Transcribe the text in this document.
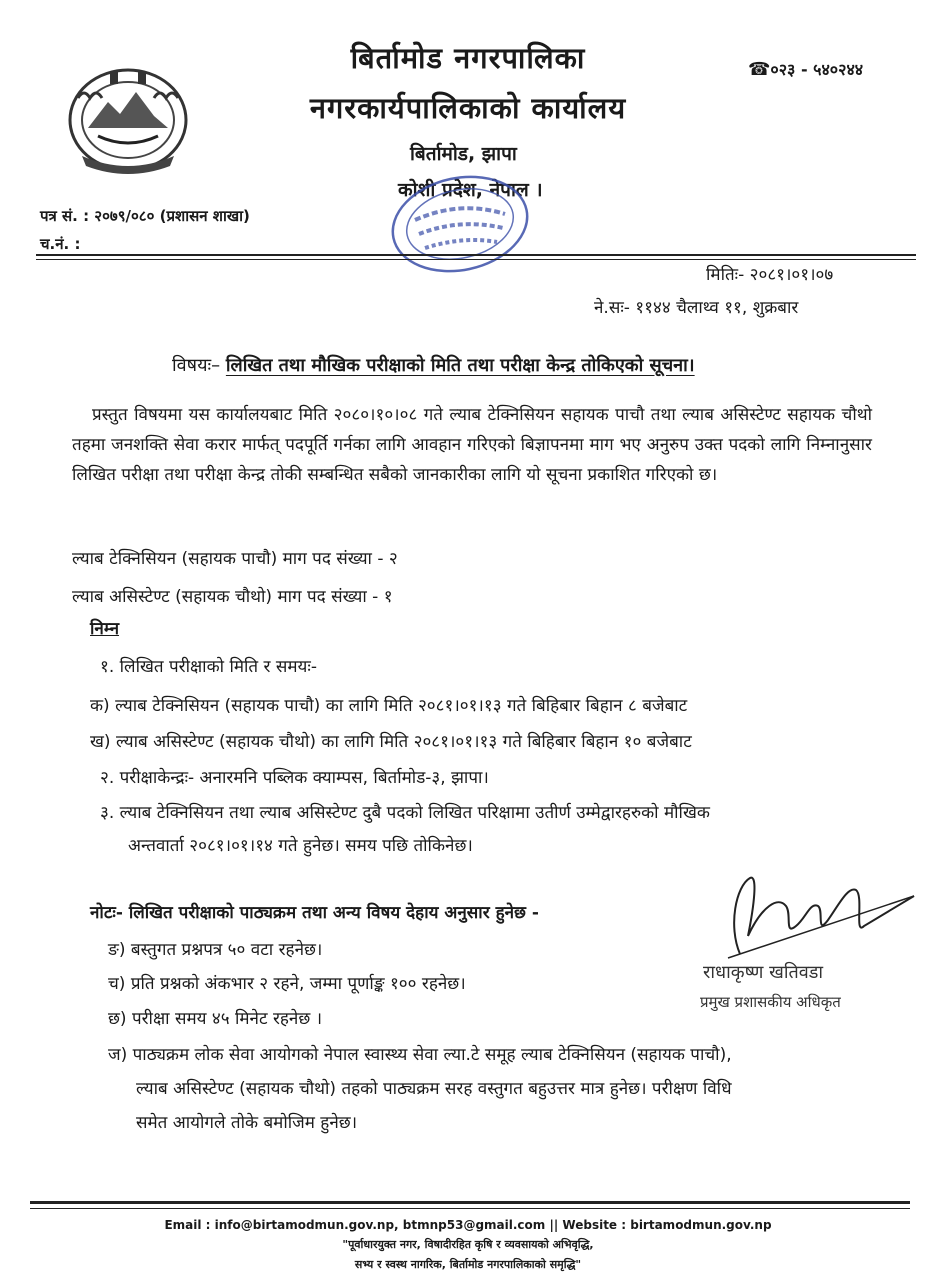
बिर्तामोड नगरपालिका
नगरकार्यपालिकाको कार्यालय
बिर्तामोड, झापा
कोशी प्रदेश, नेपाल ।
☎०२३ - ५४०२४४
पत्र सं. : २०७९/०८० (प्रशासन शाखा)
च.नं. :
मितिः- २०८१।०१।०७
ने.सः- ११४४ चैलाथ्व ११, शुक्रबार
विषयः– लिखित तथा मौखिक परीक्षाको मिति तथा परीक्षा केन्द्र तोकिएको सूचना।
प्रस्तुत विषयमा यस कार्यालयबाट मिति २०८०।१०।०८ गते ल्याब टेक्निसियन सहायक पाचौ तथा ल्याब असिस्टेण्ट सहायक चौथो तहमा जनशक्ति सेवा करार मार्फत् पदपूर्ति गर्नका लागि आवहान गरिएको बिज्ञापनमा माग भए अनुरुप उक्त पदको लागि निम्नानुसार लिखित परीक्षा तथा परीक्षा केन्द्र तोकी सम्बन्धित सबैको जानकारीका लागि यो सूचना प्रकाशित गरिएको छ।
ल्याब टेक्निसियन (सहायक पाचौ) माग पद संख्या - २
ल्याब असिस्टेण्ट (सहायक चौथो) माग पद संख्या - १
निम्न
१. लिखित परीक्षाको मिति र समयः-
क) ल्याब टेक्निसियन (सहायक पाचौ) का लागि मिति २०८१।०१।१३ गते बिहिबार बिहान ८ बजेबाट
ख) ल्याब असिस्टेण्ट (सहायक चौथो) का लागि मिति २०८१।०१।१३ गते बिहिबार बिहान १० बजेबाट
२. परीक्षाकेन्द्रः- अनारमनि पब्लिक क्याम्पस, बिर्तामोड-३, झापा।
३. ल्याब टेक्निसियन तथा ल्याब असिस्टेण्ट दुबै पदको लिखित परिक्षामा उतीर्ण उम्मेद्वारहरुको मौखिक
अन्तवार्ता २०८१।०१।१४ गते हुनेछ। समय पछि तोकिनेछ।
नोटः- लिखित परीक्षाको पाठ्यक्रम तथा अन्य विषय देहाय अनुसार हुनेछ -
ङ) बस्तुगत प्रश्नपत्र ५० वटा रहनेछ।
च) प्रति प्रश्नको अंकभार २ रहने, जम्मा पूर्णाङ्क १०० रहनेछ।
छ) परीक्षा समय ४५ मिनेट रहनेछ ।
ज) पाठ्यक्रम लोक सेवा आयोगको नेपाल स्वास्थ्य सेवा ल्या.टे समूह ल्याब टेक्निसियन (सहायक पाचौ),
ल्याब असिस्टेण्ट (सहायक चौथो) तहको पाठ्यक्रम सरह वस्तुगत बहुउत्तर मात्र हुनेछ। परीक्षण विधि
समेत आयोगले तोके बमोजिम हुनेछ।
राधाकृष्ण खतिवडा
प्रमुख प्रशासकीय अधिकृत
Email : info@birtamodmun.gov.np, btmnp53@gmail.com || Website : birtamodmun.gov.np
"पूर्वाधारयुक्त नगर, विषादीरहित कृषि र व्यवसायको अभिवृद्धि,
सभ्य र स्वस्थ नागरिक, बिर्तामोड नगरपालिकाको समृद्धि"
